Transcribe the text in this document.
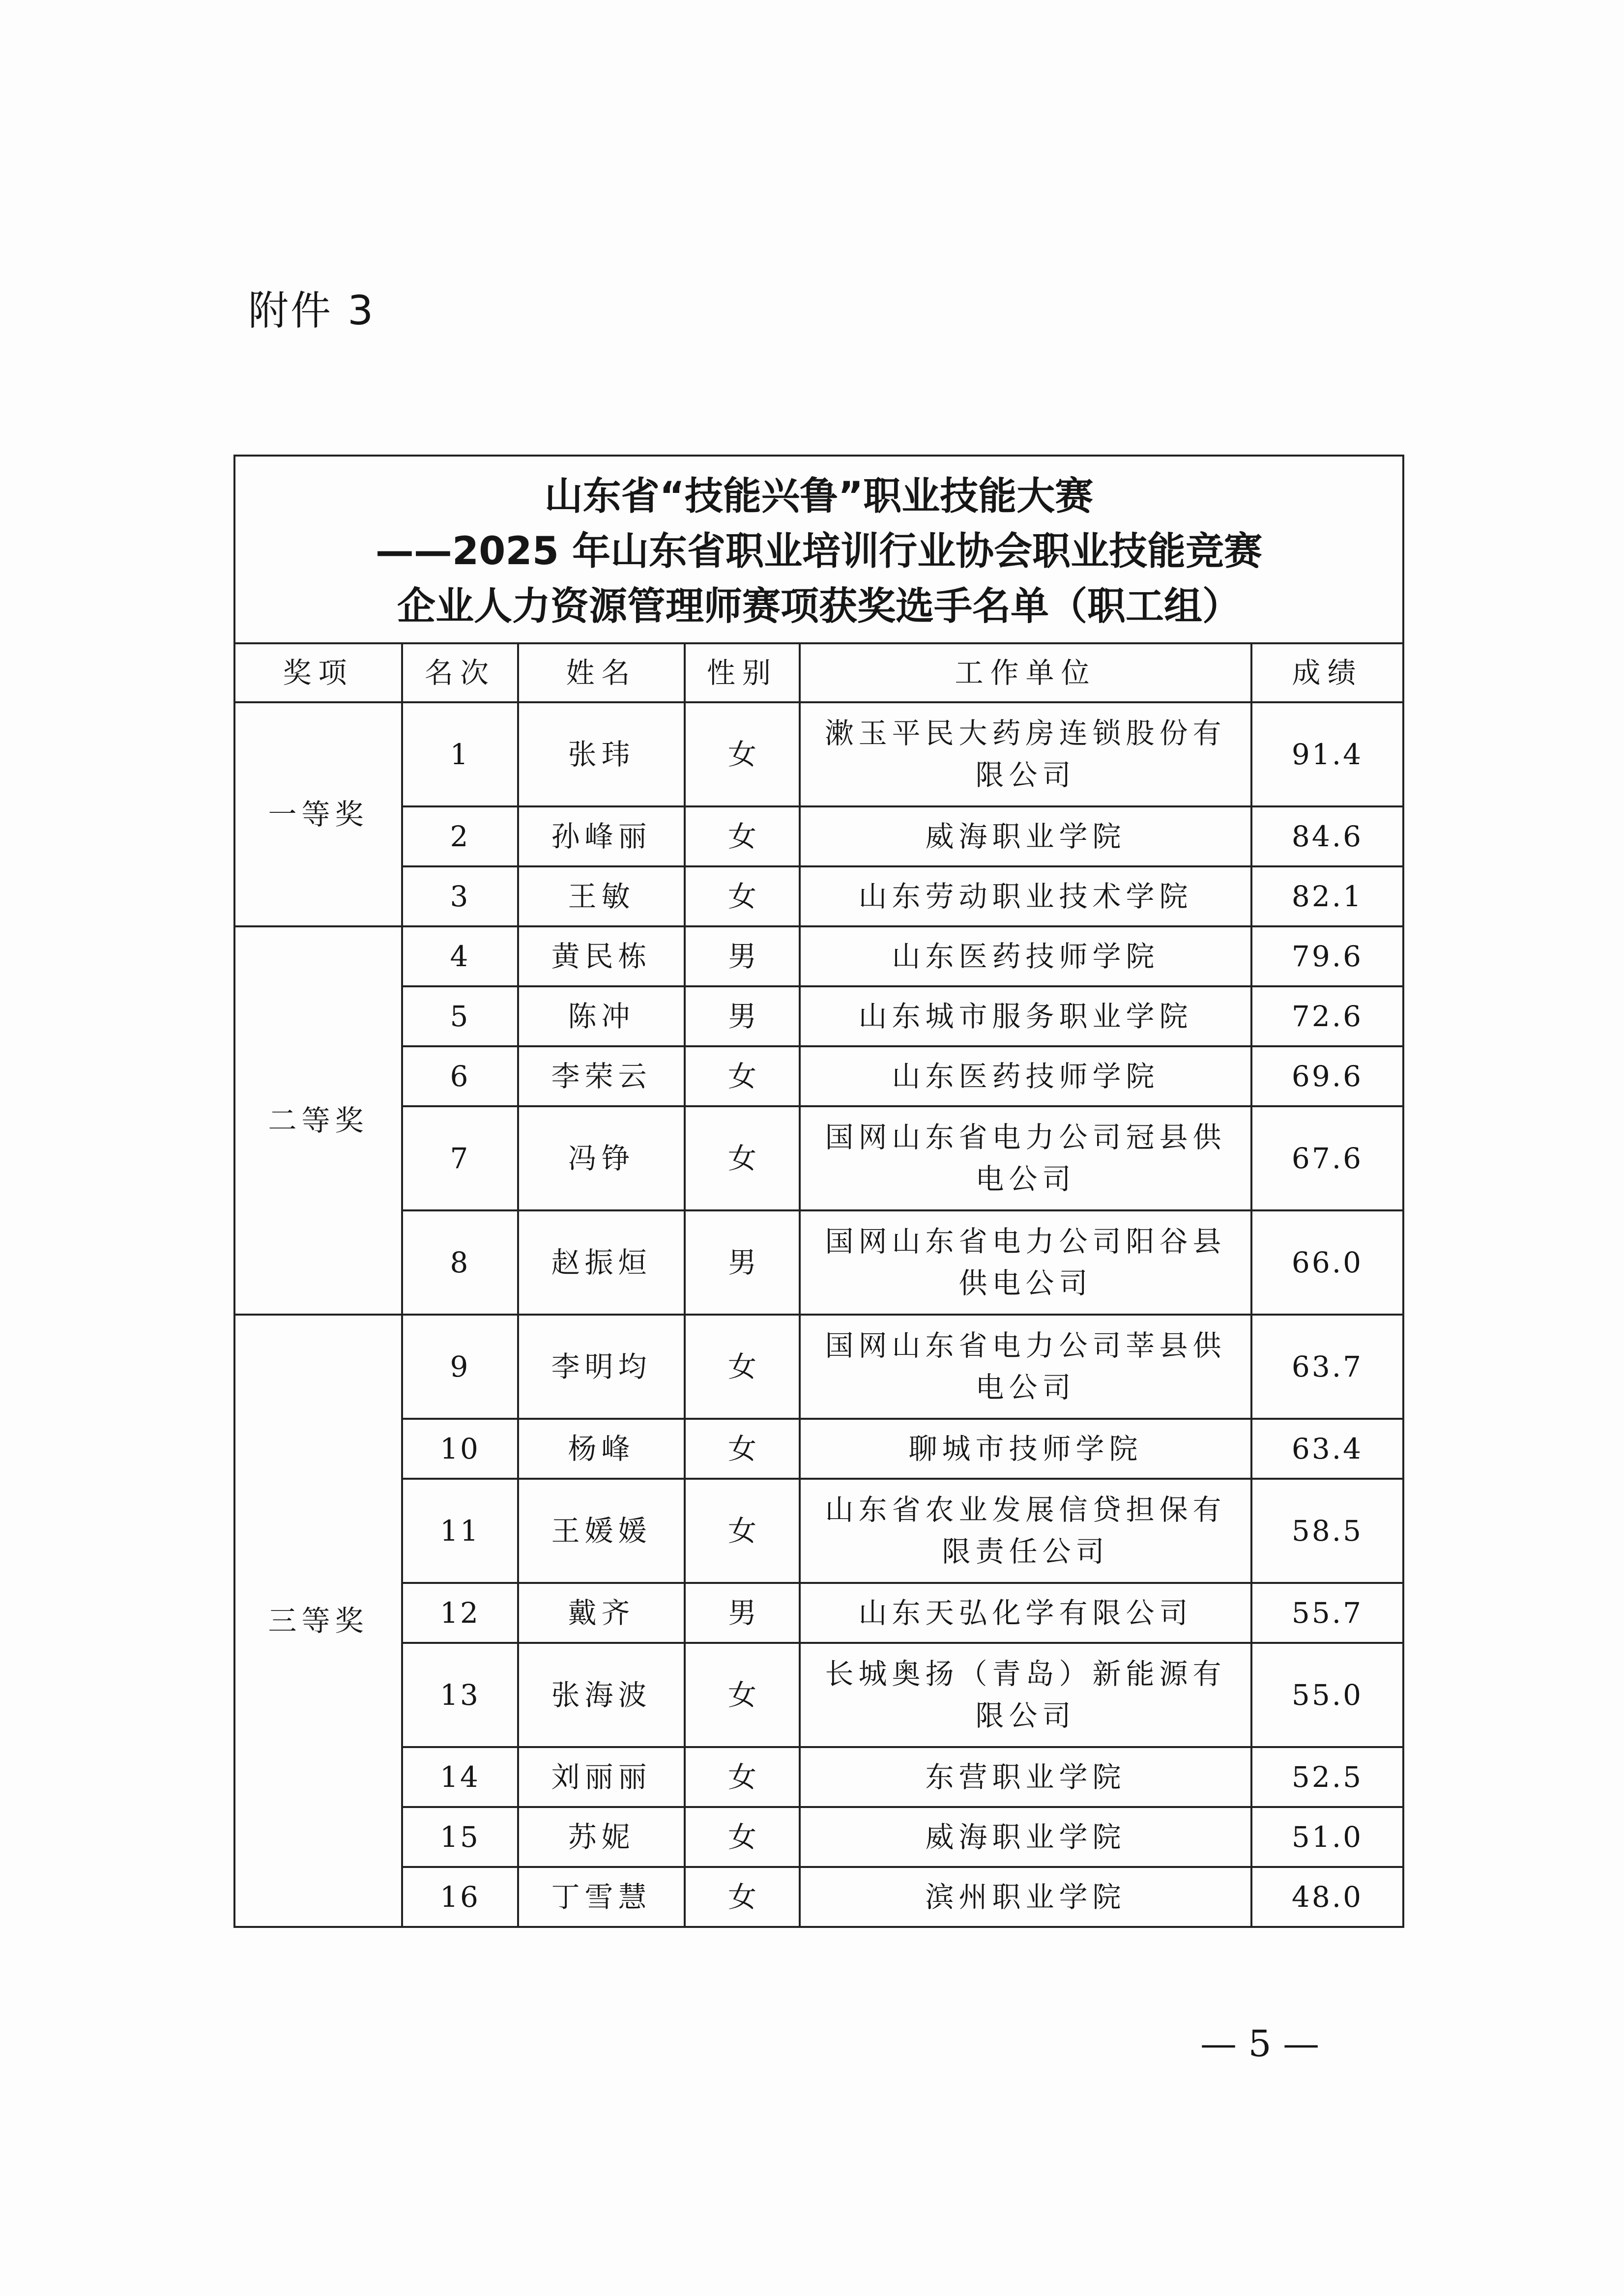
附件 3
山东省“技能兴鲁”职业技能大赛
——2025 年山东省职业培训行业协会职业技能竞赛
企业人力资源管理师赛项获奖选手名单（职工组）					

奖项	名次	姓名	性别	工作单位	成绩
一等奖	1	张玮	女	漱玉平民大药房连锁股份有限公司	91.4
	2	孙峰丽	女	威海职业学院	84.6
	3	王敏	女	山东劳动职业技术学院	82.1
二等奖	4	黄民栋	男	山东医药技师学院	79.6
	5	陈冲	男	山东城市服务职业学院	72.6
	6	李荣云	女	山东医药技师学院	69.6
	7	冯铮	女	国网山东省电力公司冠县供电公司	67.6
	8	赵振烜	男	国网山东省电力公司阳谷县供电公司	66.0
三等奖	9	李明均	女	国网山东省电力公司莘县供电公司	63.7
	10	杨峰	女	聊城市技师学院	63.4
	11	王媛媛	女	山东省农业发展信贷担保有限责任公司	58.5
	12	戴齐	男	山东天弘化学有限公司	55.7
	13	张海波	女	长城奥扬（青岛）新能源有限公司	55.0
	14	刘丽丽	女	东营职业学院	52.5
	15	苏妮	女	威海职业学院	51.0
	16	丁雪慧	女	滨州职业学院	48.0
— 5 —
